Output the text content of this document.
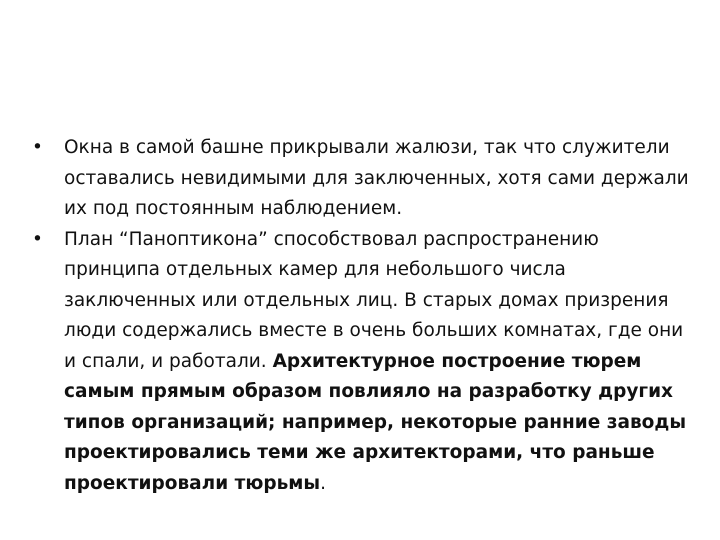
•	Окна в самой башне прикрывали жалюзи, так что служители оставались невидимыми для заключенных, хотя сами держали их под постоянным наблюдением.
•	План “Паноптикона” способствовал распространению принципа отдельных камер для небольшого числа заключенных или отдельных лиц. В старых домах призрения люди содержались вместе в очень больших комнатах, где они и спали, и работали. Архитектурное построение тюрем самым прямым образом повлияло на разработку других типов организаций; например, некоторые ранние заводы проектировались теми же архитекторами, что раньше проектировали тюрьмы.
